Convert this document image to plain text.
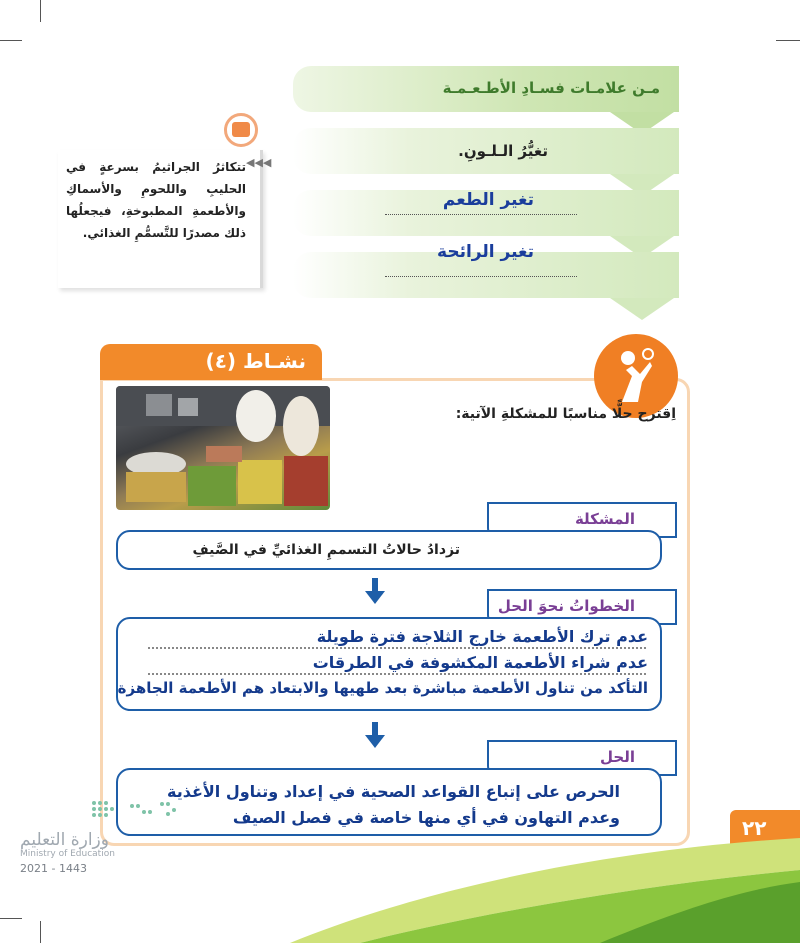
مـن علامـات فسـادِ الأطـعـمـة
تغيُّرُ الـلـونِ.
تغير الطعم
تغير الرائحة
تتكاثرُ الجراثيمُ بسرعةٍ في الحليبِ واللحومِ والأسماكِ والأطعمةِ المطبوخةِ، فيجعلُها ذلك مصدرًا للتَّسمُّمِ الغذائي.
◀◀◀
نشـاط (٤)
اِقترح حلًّا مناسبًا للمشكلةِ الآتية:
المشكلة
تزدادُ حالاتُ التسممِ الغذائيِّ في الصَّيفِ
الخطواتُ نحوَ الحل
عدم ترك الأطعمة خارج الثلاجة فترة طويلة
عدم شراء الأطعمة المكشوفة في الطرقات
التأكد من تناول الأطعمة مباشرة بعد طهيها والابتعاد هم الأطعمة الجاهزة
الحل
الحرص على إتباع القواعد الصحية في إعداد وتناول الأغذية
وعدم التهاون في أي منها خاصة في فصل الصيف	٢٢
وزارة التعليم
Ministry of Education
2021 - 1443
